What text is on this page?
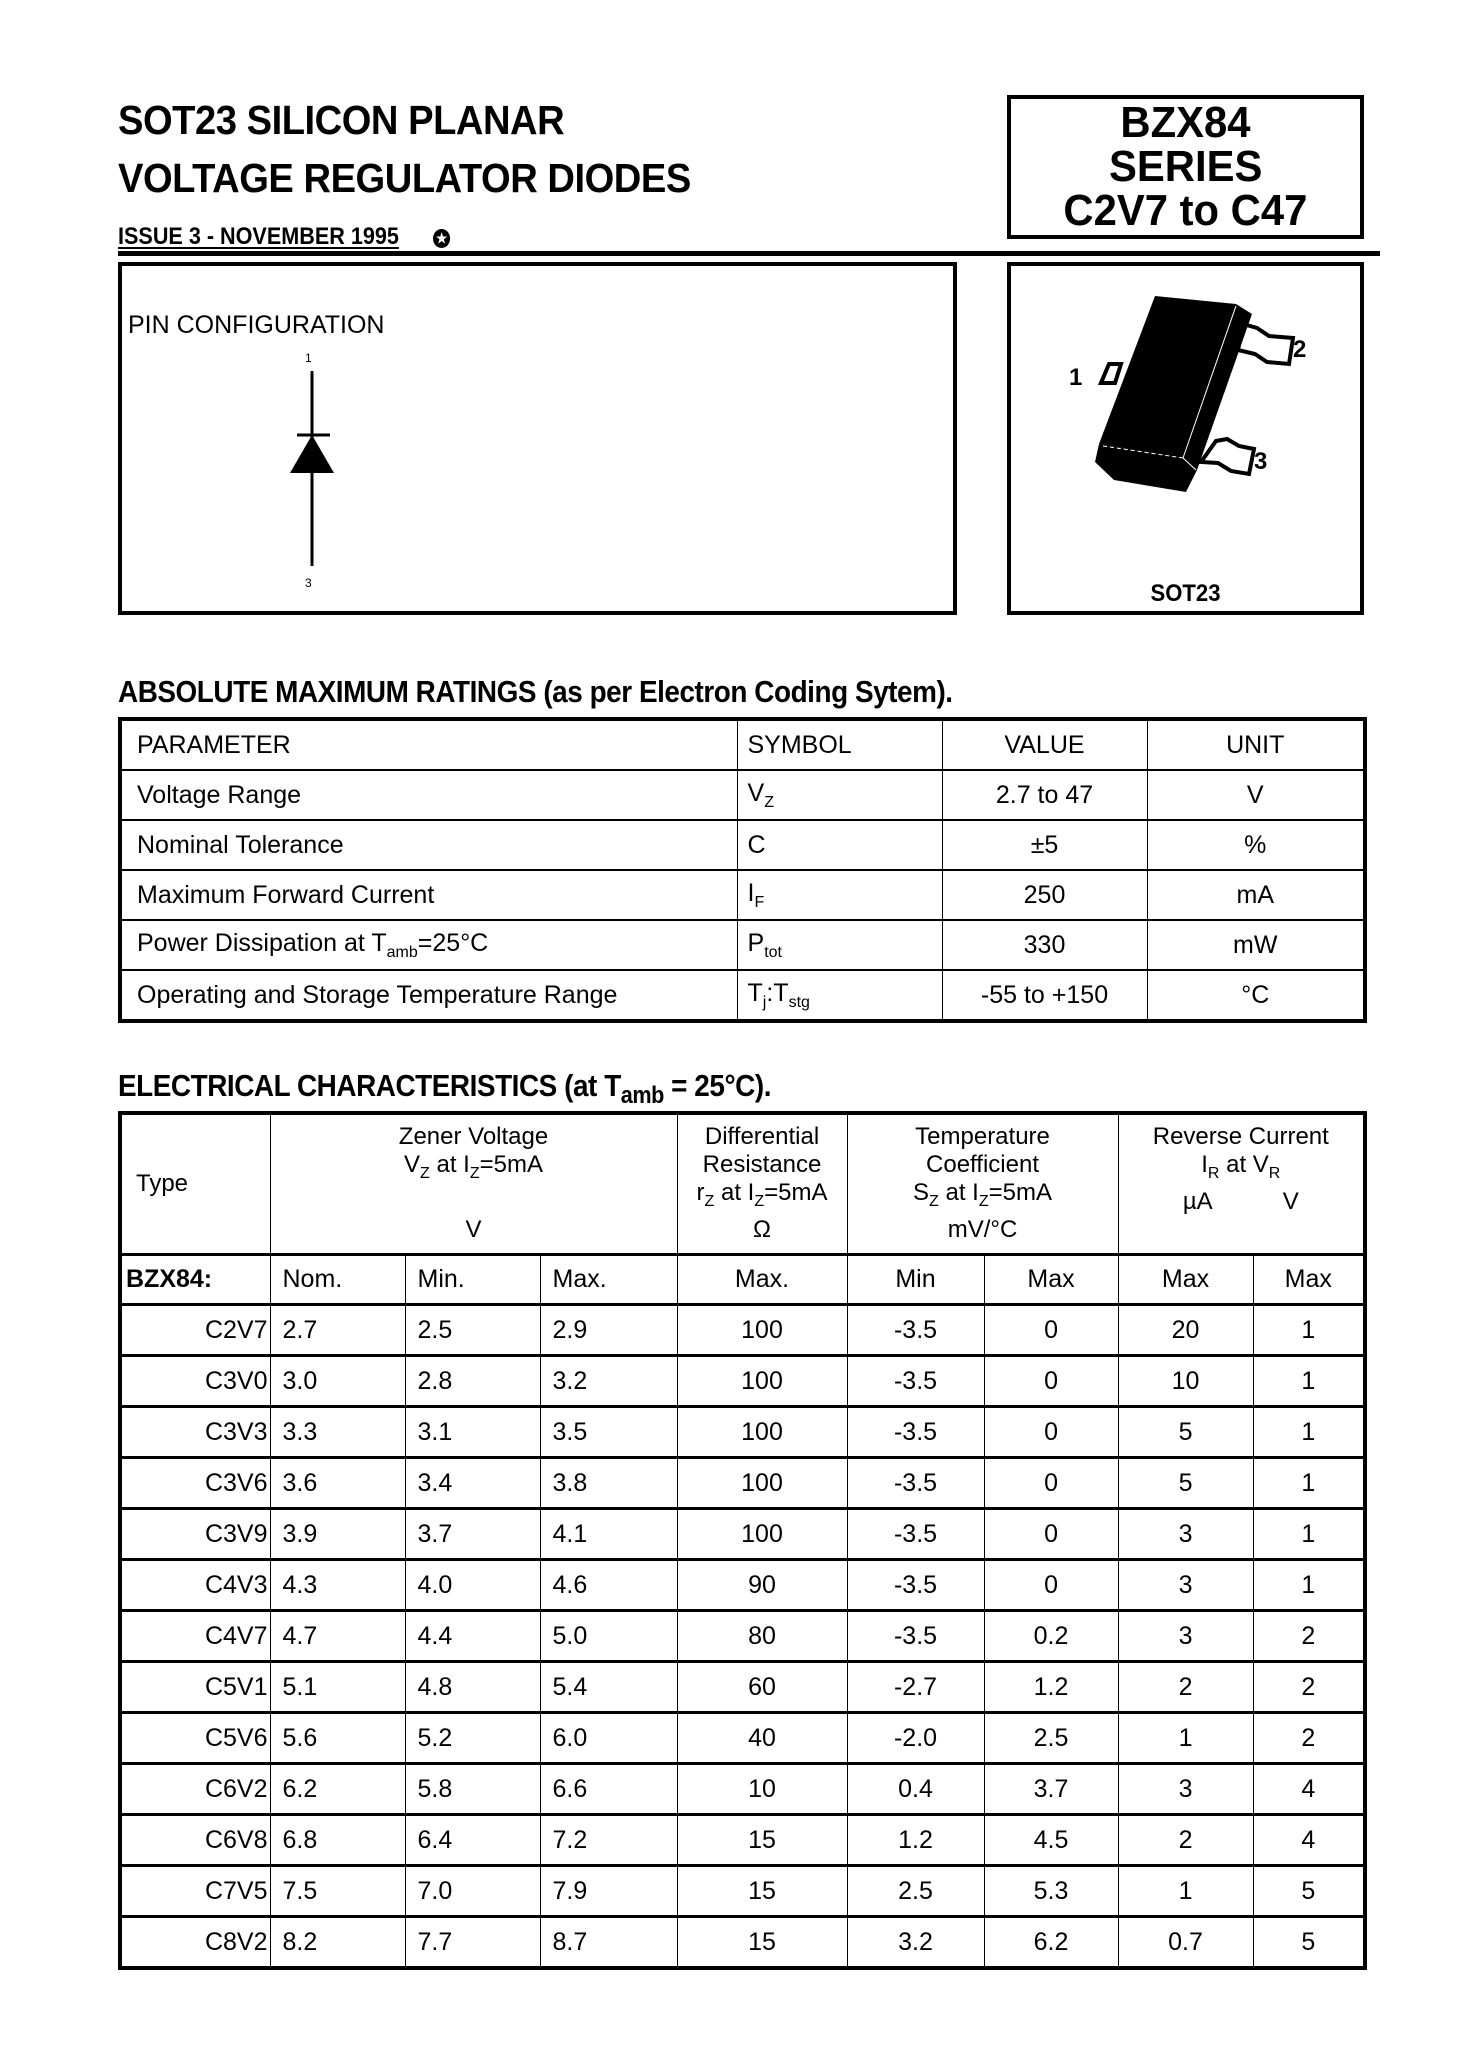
SOT23 SILICON PLANAR
VOLTAGE REGULATOR DIODES
ISSUE 3 - NOVEMBER 1995	★
BZX84
SERIES
C2V7 to C47
PIN CONFIGURATION
1
3
1
2
3
SOT23
ABSOLUTE MAXIMUM RATINGS (as per Electron Coding Sytem).
PARAMETER	SYMBOL	VALUE	UNIT
Voltage Range	$V_Z$	2.7 to 47	V
Nominal Tolerance	C	±5	%
Maximum Forward Current	$I_F$	250	mA
Power Dissipation at $T_{amb}=25^\circ C$	$P_{tot}$	330	mW
Operating and Storage Temperature Range	$T_j:T_{stg}$	-55 to +150	°C
ELECTRICAL CHARACTERISTICS (at $T_{amb} = 25^\circ C$).
Type	
Zener Voltage
$V_Z$ at $I_Z=5mA$
V

Differential
Resistance
$r_Z$ at $I_Z=5mA$
Ω

Temperature
Coefficient
$S_Z$ at $I_Z=5mA$
mV/°C

Reverse Current
$I_R$ at $V_R$
µA	V

BZX84:	Nom.	Min.	Max.	Max.	Min	Max	Max	Max
C2V7	2.7	2.5	2.9	100	-3.5	0	20	1
C3V0	3.0	2.8	3.2	100	-3.5	0	10	1
C3V3	3.3	3.1	3.5	100	-3.5	0	5	1
C3V6	3.6	3.4	3.8	100	-3.5	0	5	1
C3V9	3.9	3.7	4.1	100	-3.5	0	3	1
C4V3	4.3	4.0	4.6	90	-3.5	0	3	1
C4V7	4.7	4.4	5.0	80	-3.5	0.2	3	2
C5V1	5.1	4.8	5.4	60	-2.7	1.2	2	2
C5V6	5.6	5.2	6.0	40	-2.0	2.5	1	2
C6V2	6.2	5.8	6.6	10	0.4	3.7	3	4
C6V8	6.8	6.4	7.2	15	1.2	4.5	2	4
C7V5	7.5	7.0	7.9	15	2.5	5.3	1	5
C8V2	8.2	7.7	8.7	15	3.2	6.2	0.7	5
